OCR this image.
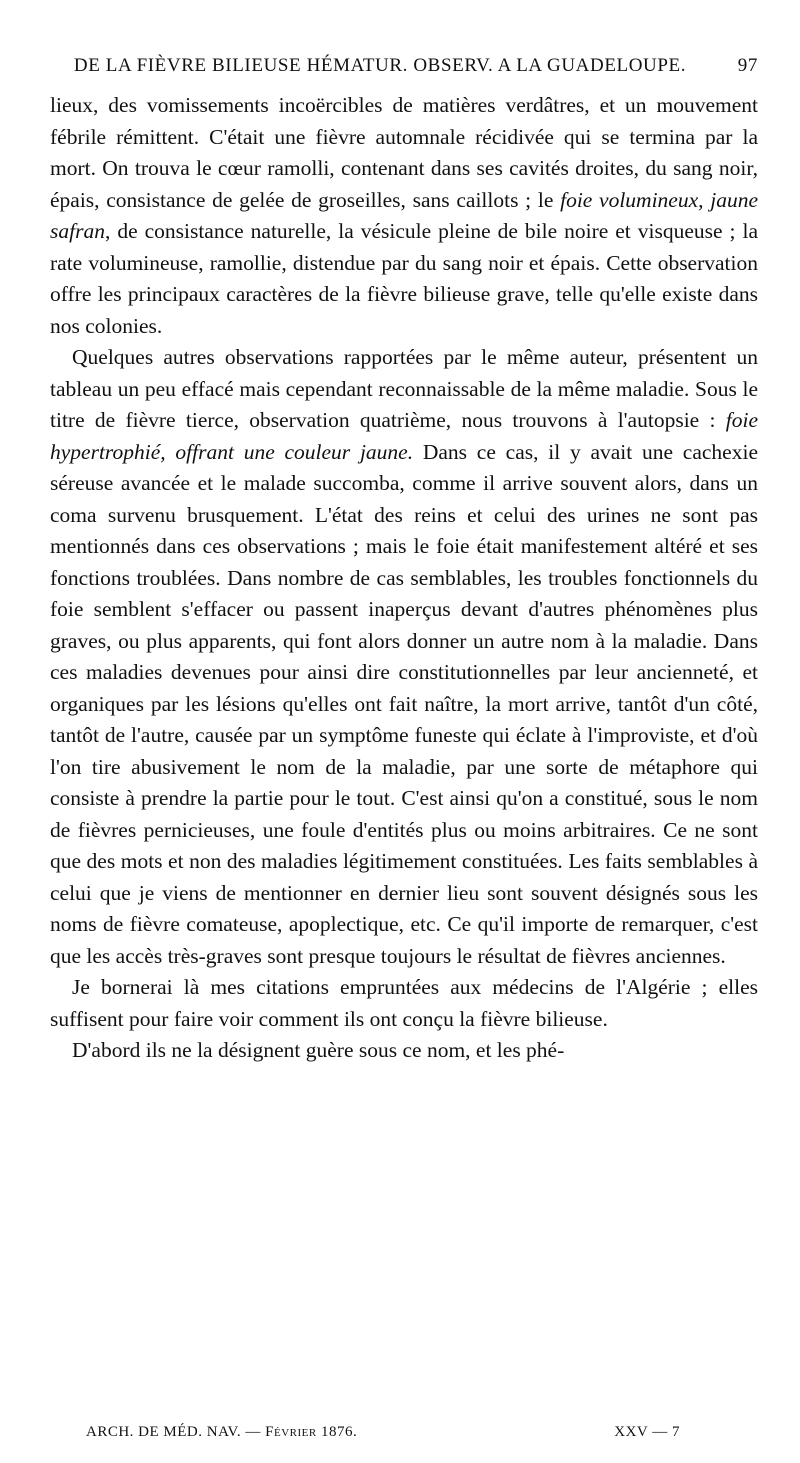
DE LA FIÈVRE BILIEUSE HÉMATUR. OBSERV. A LA GUADELOUPE.	97

lieux, des vomissements incoërcibles de matières verdâtres, et un mouvement fébrile rémittent. C'était une fièvre automnale récidivée qui se termina par la mort. On trouva le cœur ramolli, contenant dans ses cavités droites, du sang noir, épais, consistance de gelée de groseilles, sans caillots ; le foie volumineux, jaune safran, de consistance naturelle, la vésicule pleine de bile noire et visqueuse ; la rate volumineuse, ramollie, distendue par du sang noir et épais. Cette observation offre les principaux caractères de la fièvre bilieuse grave, telle qu'elle existe dans nos colonies.

Quelques autres observations rapportées par le même auteur, présentent un tableau un peu effacé mais cependant reconnaissable de la même maladie. Sous le titre de fièvre tierce, observation quatrième, nous trouvons à l'autopsie : foie hypertrophié, offrant une couleur jaune. Dans ce cas, il y avait une cachexie séreuse avancée et le malade succomba, comme il arrive souvent alors, dans un coma survenu brusquement. L'état des reins et celui des urines ne sont pas mentionnés dans ces observations ; mais le foie était manifestement altéré et ses fonctions troublées. Dans nombre de cas semblables, les troubles fonctionnels du foie semblent s'effacer ou passent inaperçus devant d'autres phénomènes plus graves, ou plus apparents, qui font alors donner un autre nom à la maladie. Dans ces maladies devenues pour ainsi dire constitutionnelles par leur ancienneté, et organiques par les lésions qu'elles ont fait naître, la mort arrive, tantôt d'un côté, tantôt de l'autre, causée par un symptôme funeste qui éclate à l'improviste, et d'où l'on tire abusivement le nom de la maladie, par une sorte de métaphore qui consiste à prendre la partie pour le tout. C'est ainsi qu'on a constitué, sous le nom de fièvres pernicieuses, une foule d'entités plus ou moins arbitraires. Ce ne sont que des mots et non des maladies légitimement constituées. Les faits semblables à celui que je viens de mentionner en dernier lieu sont souvent désignés sous les noms de fièvre comateuse, apoplectique, etc. Ce qu'il importe de remarquer, c'est que les accès très-graves sont presque toujours le résultat de fièvres anciennes.

Je bornerai là mes citations empruntées aux médecins de l'Algérie ; elles suffisent pour faire voir comment ils ont conçu la fièvre bilieuse.

D'abord ils ne la désignent guère sous ce nom, et les phé-

ARCH. DE MÉD. NAV. — Février 1876.	XXV — 7
